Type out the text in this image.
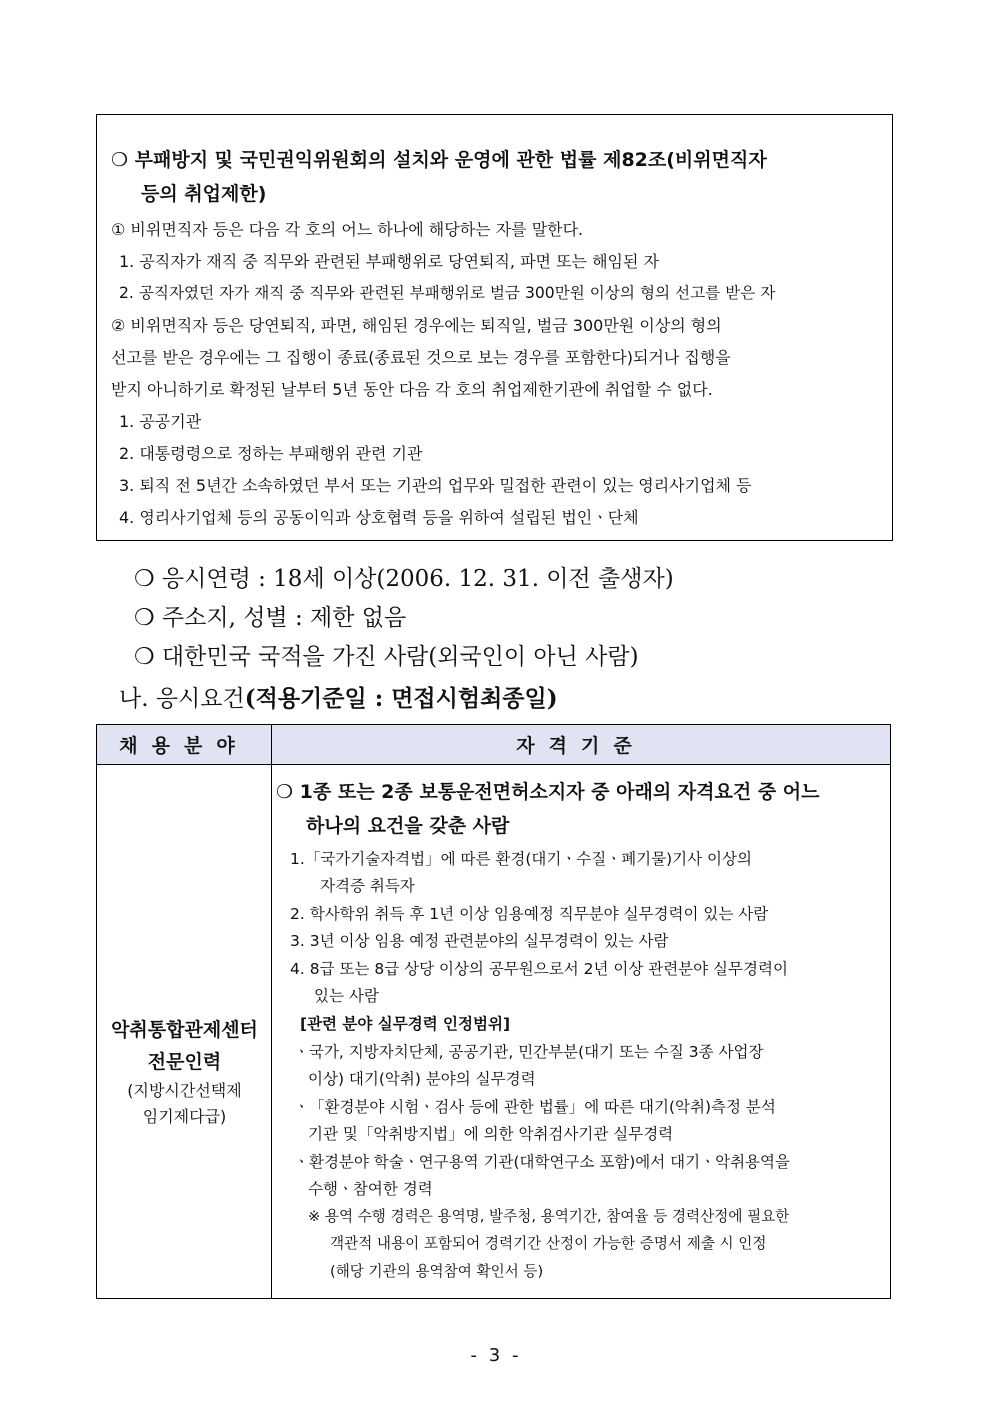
❍ 부패방지 및 국민권익위원회의 설치와 운영에 관한 법률 제82조(비위면직자
등의 취업제한)
① 비위면직자 등은 다음 각 호의 어느 하나에 해당하는 자를 말한다.
1. 공직자가 재직 중 직무와 관련된 부패행위로 당연퇴직, 파면 또는 해임된 자
2. 공직자였던 자가 재직 중 직무와 관련된 부패행위로 벌금 300만원 이상의 형의 선고를 받은 자
② 비위면직자 등은 당연퇴직, 파면, 해임된 경우에는 퇴직일, 벌금 300만원 이상의 형의
선고를 받은 경우에는 그 집행이 종료(종료된 것으로 보는 경우를 포함한다)되거나 집행을
받지 아니하기로 확정된 날부터 5년 동안 다음 각 호의 취업제한기관에 취업할 수 없다.
1. 공공기관
2. 대통령령으로 정하는 부패행위 관련 기관
3. 퇴직 전 5년간 소속하였던 부서 또는 기관의 업무와 밀접한 관련이 있는 영리사기업체 등
4. 영리사기업체 등의 공동이익과 상호협력 등을 위하여 설립된 법인ㆍ단체
❍ 응시연령 : 18세 이상(2006. 12. 31. 이전 출생자)
❍ 주소지, 성별 : 제한 없음
❍ 대한민국 국적을 가진 사람(외국인이 아닌 사람)
나. 응시요건(적용기준일 : 면접시험최종일)
채용분야	자격기준
악취통합관제센터
전문인력
(지방시간선택제
임기제다급)
❍ 1종 또는 2종 보통운전면허소지자 중 아래의 자격요건 중 어느
하나의 요건을 갖춘 사람
1.「국가기술자격법」에 따른 환경(대기ㆍ수질ㆍ폐기물)기사 이상의
자격증 취득자
2. 학사학위 취득 후 1년 이상 임용예정 직무분야 실무경력이 있는 사람
3. 3년 이상 임용 예정 관련분야의 실무경력이 있는 사람
4. 8급 또는 8급 상당 이상의 공무원으로서 2년 이상 관련분야 실무경력이
있는 사람
[관련 분야 실무경력 인정범위]
ㆍ국가, 지방자치단체, 공공기관, 민간부분(대기 또는 수질 3종 사업장
이상) 대기(악취) 분야의 실무경력
ㆍ「환경분야 시험ㆍ검사 등에 관한 법률」에 따른 대기(악취)측정 분석
기관 및「악취방지법」에 의한 악취검사기관 실무경력
ㆍ환경분야 학술ㆍ연구용역 기관(대학연구소 포함)에서 대기ㆍ악취용역을
수행ㆍ참여한 경력
※ 용역 수행 경력은 용역명, 발주청, 용역기간, 참여율 등 경력산정에 필요한
객관적 내용이 포함되어 경력기간 산정이 가능한 증명서 제출 시 인정
(해당 기관의 용역참여 확인서 등)
- 3 -
